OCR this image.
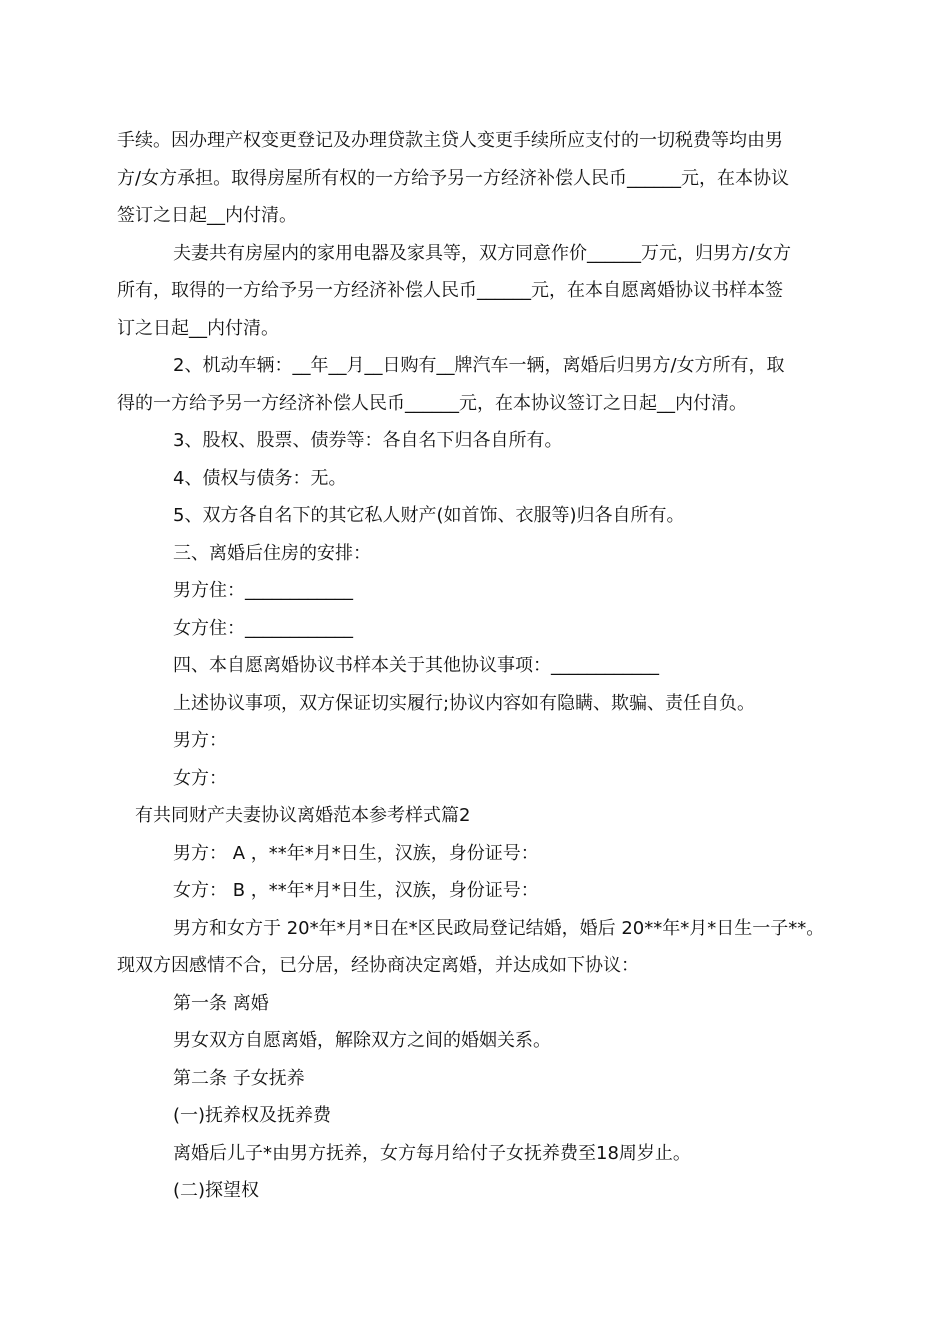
手续。因办理产权变更登记及办理贷款主贷人变更手续所应支付的一切税费等均由男

方/女方承担。取得房屋所有权的一方给予另一方经济补偿人民币______元，在本协议

签订之日起__内付清。

夫妻共有房屋内的家用电器及家具等，双方同意作价______万元，归男方/女方

所有，取得的一方给予另一方经济补偿人民币______元，在本自愿离婚协议书样本签

订之日起__内付清。

2、机动车辆：__年__月__日购有__牌汽车一辆，离婚后归男方/女方所有，取

得的一方给予另一方经济补偿人民币______元，在本协议签订之日起__内付清。

3、股权、股票、债券等：各自名下归各自所有。

4、债权与债务：无。

5、双方各自名下的其它私人财产(如首饰、衣服等)归各自所有。

三、离婚后住房的安排：

男方住：____________

女方住：____________

四、本自愿离婚协议书样本关于其他协议事项：____________

上述协议事项，双方保证切实履行;协议内容如有隐瞒、欺骗、责任自负。

男方：

女方：

有共同财产夫妻协议离婚范本参考样式篇2

男方： A ，**年*月*日生，汉族，身份证号：

女方： B ，**年*月*日生，汉族，身份证号：

男方和女方于 20*年*月*日在*区民政局登记结婚，婚后 20**年*月*日生一子**。

现双方因感情不合，已分居，经协商决定离婚，并达成如下协议：

第一条 离婚

男女双方自愿离婚，解除双方之间的婚姻关系。

第二条 子女抚养

(一)抚养权及抚养费

离婚后儿子*由男方抚养，女方每月给付子女抚养费至18周岁止。

(二)探望权
